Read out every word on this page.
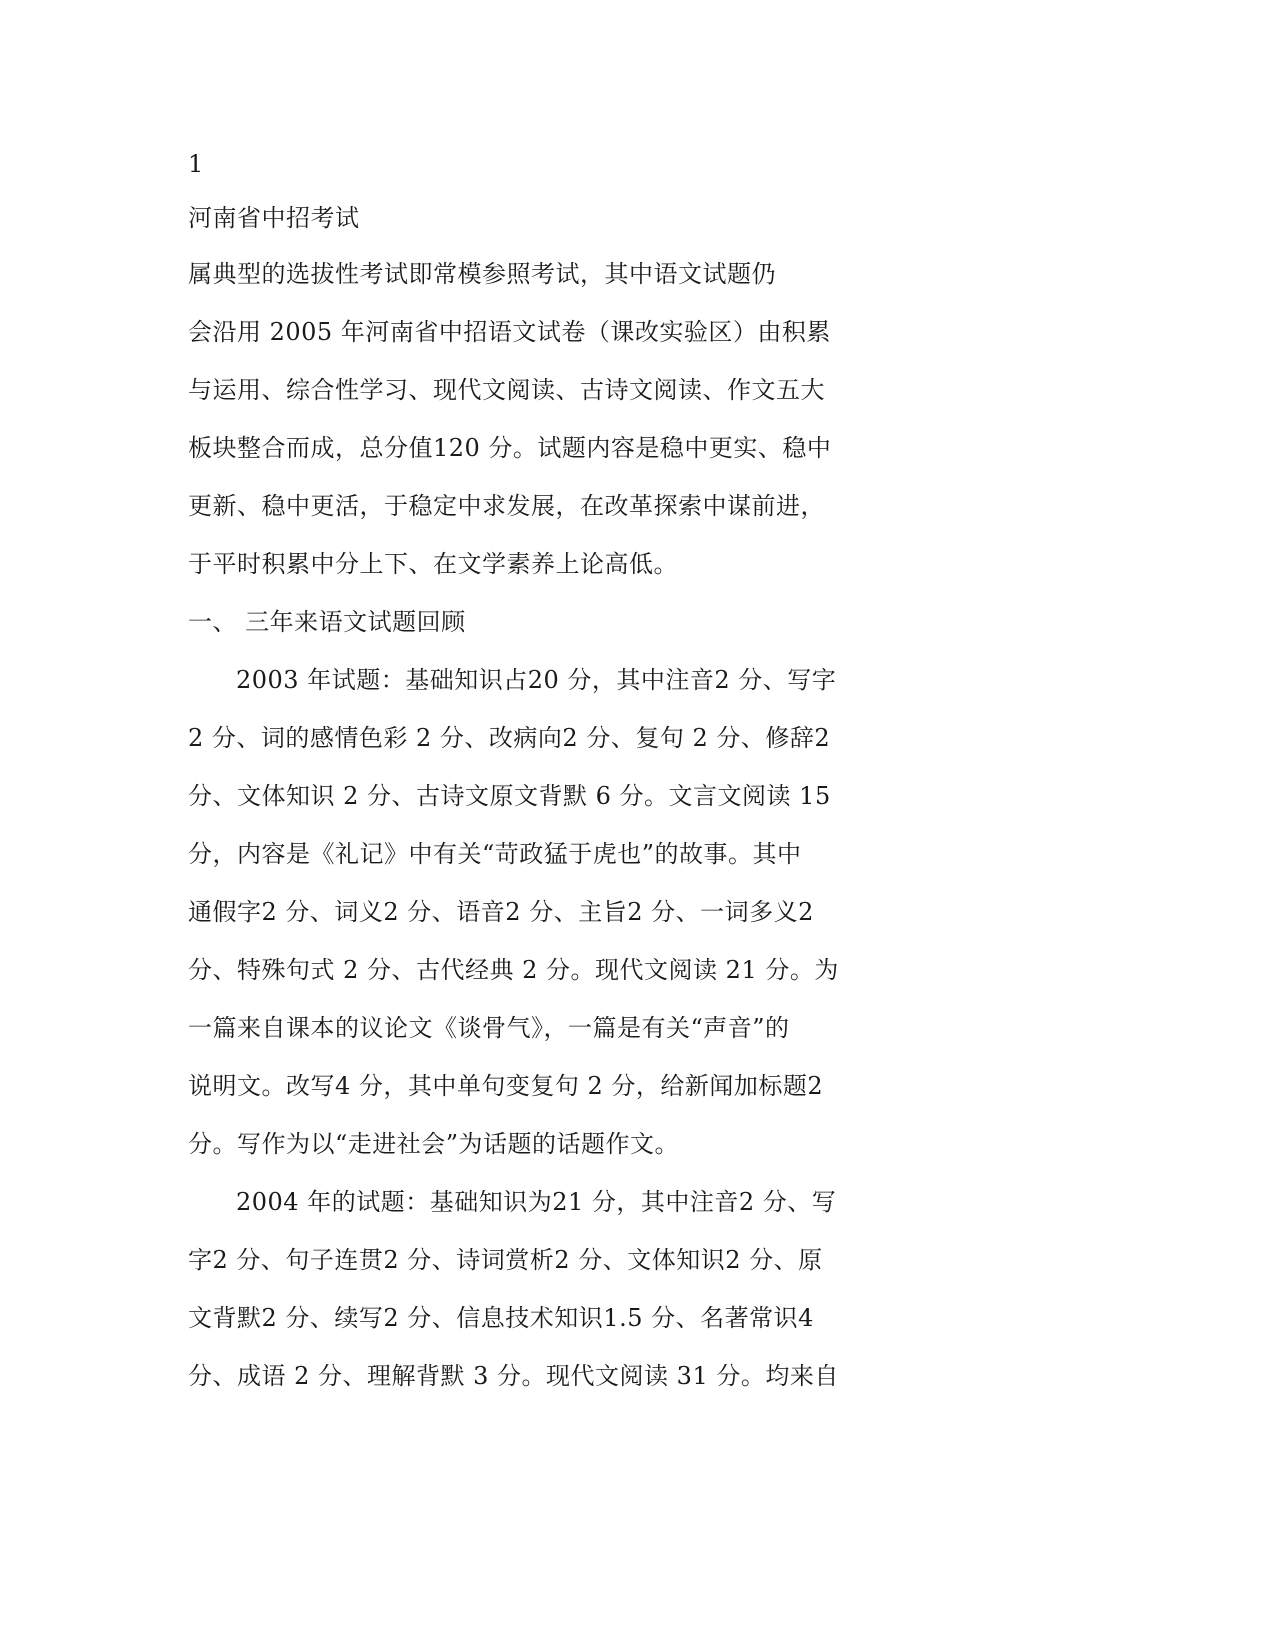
1
河南省中招考试
属典型的选拔性考试即常模参照考试，其中语文试题仍
会沿用 2005 年河南省中招语文试卷（课改实验区）由积累
与运用、综合性学习、现代文阅读、古诗文阅读、作文五大
板块整合而成，总分值120 分。试题内容是稳中更实、稳中
更新、稳中更活，于稳定中求发展，在改革探索中谋前进，
于平时积累中分上下、在文学素养上论高低。
一、 三年来语文试题回顾
2003 年试题：基础知识占20 分，其中注音2 分、写字
2 分、词的感情色彩 2 分、改病向2 分、复句 2 分、修辞2
分、文体知识 2 分、古诗文原文背默 6 分。文言文阅读 15
分，内容是《礼记》中有关“苛政猛于虎也”的故事。其中
通假字2 分、词义2 分、语音2 分、主旨2 分、一词多义2
分、特殊句式 2 分、古代经典 2 分。现代文阅读 21 分。为
一篇来自课本的议论文《谈骨气》，一篇是有关“声音”的
说明文。改写4 分，其中单句变复句 2 分，给新闻加标题2
分。写作为以“走进社会”为话题的话题作文。
2004 年的试题：基础知识为21 分，其中注音2 分、写
字2 分、句子连贯2 分、诗词赏析2 分、文体知识2 分、原
文背默2 分、续写2 分、信息技术知识1.5 分、名著常识4
分、成语 2 分、理解背默 3 分。现代文阅读 31 分。均来自
